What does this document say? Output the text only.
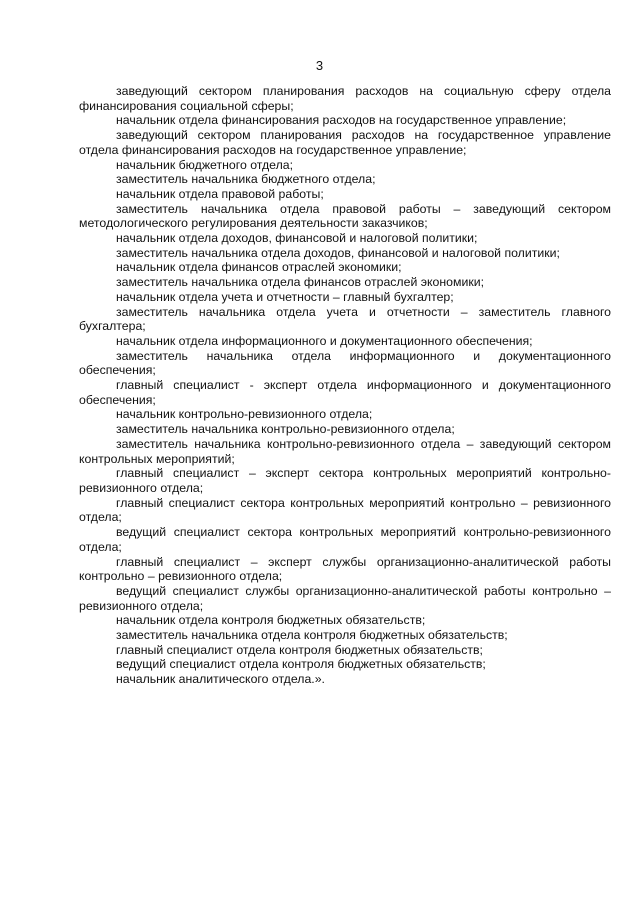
3

заведующий сектором планирования расходов на социальную сферу отдела финансирования социальной сферы;

начальник отдела финансирования расходов на государственное управление;

заведующий сектором планирования расходов на государственное управление отдела финансирования расходов на государственное управление;

начальник бюджетного отдела;

заместитель начальника бюджетного отдела;

начальник отдела правовой работы;

заместитель начальника отдела правовой работы – заведующий сектором методологического регулирования деятельности заказчиков;

начальник отдела доходов, финансовой и налоговой политики;

заместитель начальника отдела доходов, финансовой и налоговой политики;

начальник отдела финансов отраслей экономики;

заместитель начальника отдела финансов отраслей экономики;

начальник отдела учета и отчетности – главный бухгалтер;

заместитель начальника отдела учета и отчетности – заместитель главного бухгалтера;

начальник отдела информационного и документационного обеспечения;

заместитель начальника отдела информационного и документационного обеспечения;

главный специалист - эксперт отдела информационного и документационного обеспечения;

начальник контрольно-ревизионного отдела;

заместитель начальника контрольно-ревизионного отдела;

заместитель начальника контрольно-ревизионного отдела – заведующий сектором контрольных мероприятий;

главный специалист – эксперт сектора контрольных мероприятий контрольно-ревизионного отдела;

главный специалист сектора контрольных мероприятий контрольно – ревизионного отдела;

ведущий специалист сектора контрольных мероприятий контрольно-ревизионного отдела;

главный специалист – эксперт службы организационно-аналитической работы контрольно – ревизионного отдела;

ведущий специалист службы организационно-аналитической работы контрольно – ревизионного отдела;

начальник отдела контроля бюджетных обязательств;

заместитель начальника отдела контроля бюджетных обязательств;

главный специалист отдела контроля бюджетных обязательств;

ведущий специалист отдела контроля бюджетных обязательств;

начальник аналитического отдела.».
